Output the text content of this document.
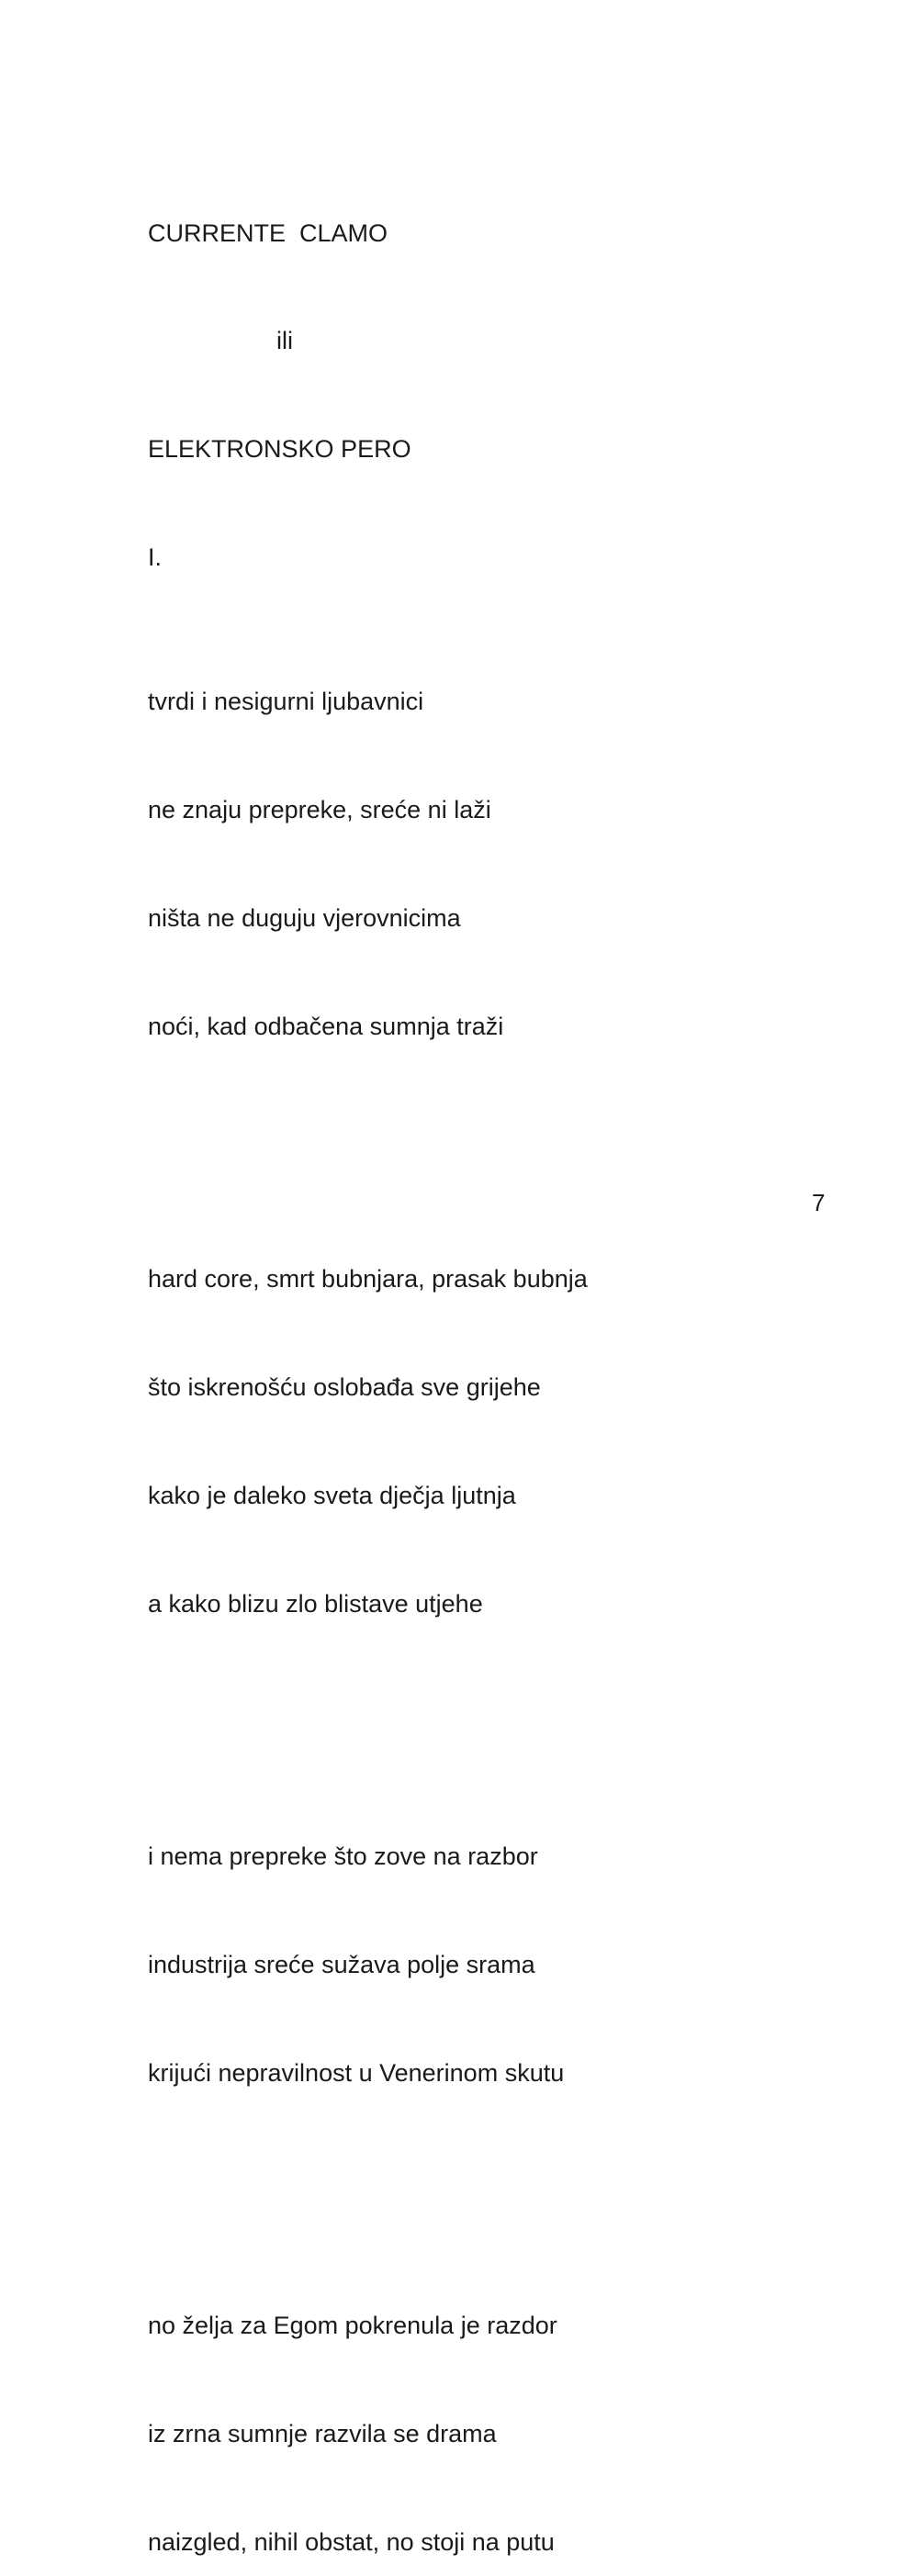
CURRENTE  CLAMO

ili

ELEKTRONSKO PERO

I.

tvrdi i nesigurni ljubavnici

ne znaju prepreke, sreće ni laži

ništa ne duguju vjerovnicima

noći, kad odbačena sumnja traži

hard core, smrt bubnjara, prasak bubnja

što iskrenošću oslobađa sve grijehe

kako je daleko sveta dječja ljutnja

a kako blizu zlo blistave utjehe

i nema prepreke što zove na razbor

industrija sreće sužava polje srama

krijući nepravilnost u Venerinom skutu

no želja za Egom pokrenula je razdor

iz zrna sumnje razvila se drama

naizgled, nihil obstat, no stoji na putu

7
